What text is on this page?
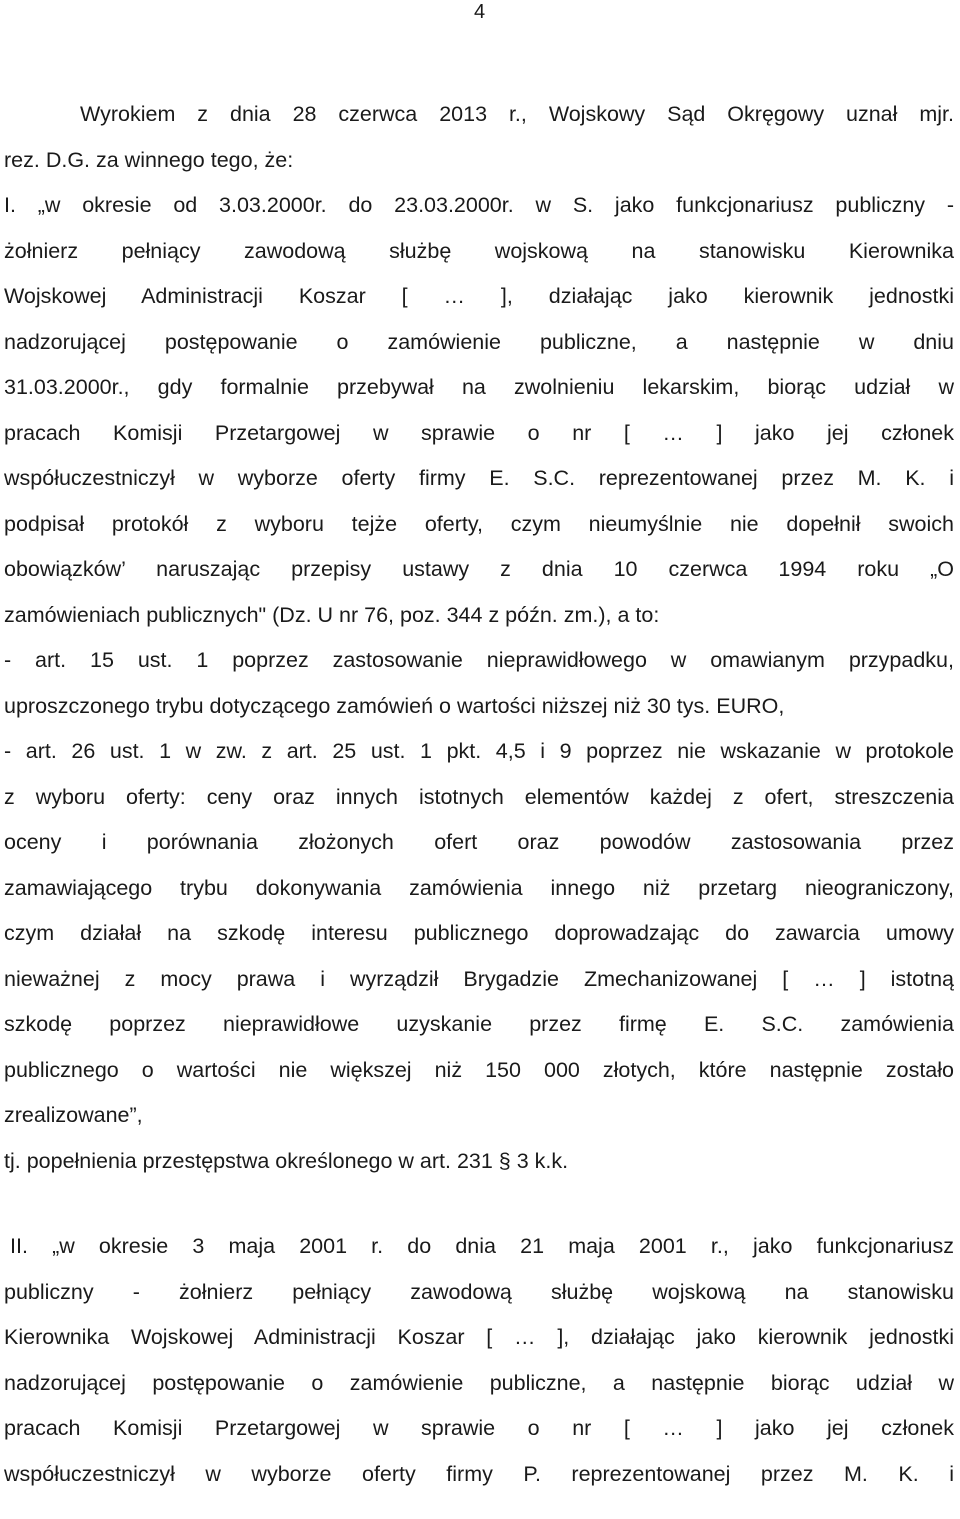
4
Wyrokiem z dnia 28 czerwca 2013 r., Wojskowy Sąd Okręgowy uznał mjr.
rez. D.G. za winnego tego, że:
I. „w okresie od 3.03.2000r. do 23.03.2000r. w S. jako funkcjonariusz publiczny -
żołnierz pełniący zawodową służbę wojskową na stanowisku Kierownika
Wojskowej Administracji Koszar [ … ], działając jako kierownik jednostki
nadzorującej postępowanie o zamówienie publiczne, a następnie w dniu
31.03.2000r., gdy formalnie przebywał na zwolnieniu lekarskim, biorąc udział w
pracach Komisji Przetargowej w sprawie o nr [ … ] jako jej członek
współuczestniczył w wyborze oferty firmy E. S.C. reprezentowanej przez M. K. i
podpisał protokół z wyboru tejże oferty, czym nieumyślnie nie dopełnił swoich
obowiązków’ naruszając przepisy ustawy z dnia 10 czerwca 1994 roku „O
zamówieniach publicznych" (Dz. U nr 76, poz. 344 z późn. zm.), a to:
- art. 15 ust. 1 poprzez zastosowanie nieprawidłowego w omawianym przypadku,
uproszczonego trybu dotyczącego zamówień o wartości niższej niż 30 tys. EURO,
- art. 26 ust. 1 w zw. z art. 25 ust. 1 pkt. 4,5 i 9 poprzez nie wskazanie w protokole
z wyboru oferty: ceny oraz innych istotnych elementów każdej z ofert, streszczenia
oceny i porównania złożonych ofert oraz powodów zastosowania przez
zamawiającego trybu dokonywania zamówienia innego niż przetarg nieograniczony,
czym działał na szkodę interesu publicznego doprowadzając do zawarcia umowy
nieważnej z mocy prawa i wyrządził Brygadzie Zmechanizowanej [ … ] istotną
szkodę poprzez nieprawidłowe uzyskanie przez firmę E. S.C. zamówienia
publicznego o wartości nie większej niż 150 000 złotych, które następnie zostało
zrealizowane”,
tj. popełnienia przestępstwa określonego w art. 231 § 3 k.k.
II. „w okresie 3 maja 2001 r. do dnia 21 maja 2001 r., jako funkcjonariusz
publiczny - żołnierz pełniący zawodową służbę wojskową na stanowisku
Kierownika Wojskowej Administracji Koszar [ … ], działając jako kierownik jednostki
nadzorującej postępowanie o zamówienie publiczne, a następnie biorąc udział w
pracach Komisji Przetargowej w sprawie o nr [ … ] jako jej członek
współuczestniczył w wyborze oferty firmy P. reprezentowanej przez M. K. i
